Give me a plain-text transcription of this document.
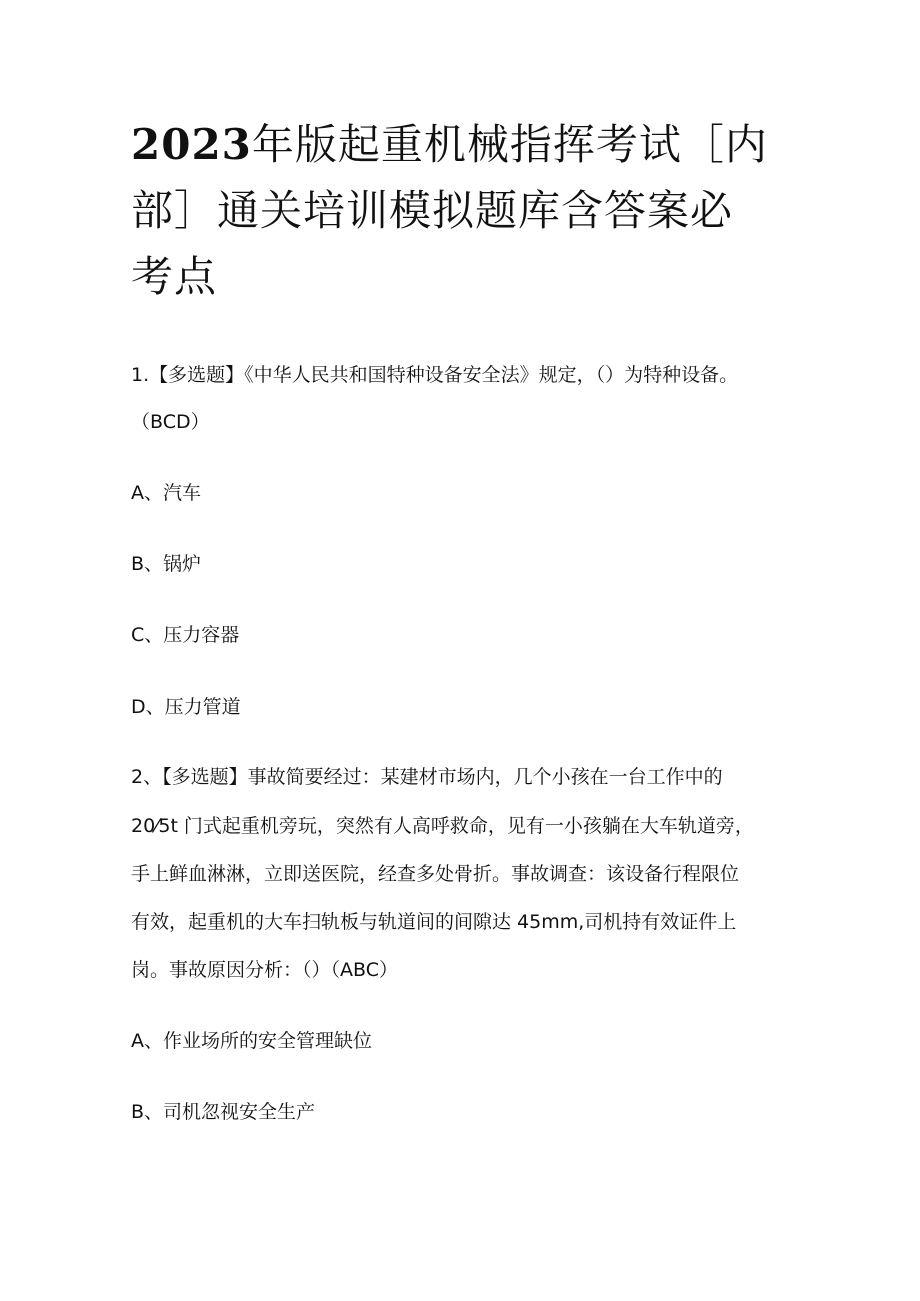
2023年版起重机械指挥考试［内部］通关培训模拟题库含答案必考点

1.【多选题】《中华人民共和国特种设备安全法》规定，（）为特种设备。

（BCD）

A、汽车

B、锅炉

C、压力容器

D、压力管道

2、【多选题】事故简要经过：某建材市场内，几个小孩在一台工作中的

20⁄5t 门式起重机旁玩，突然有人高呼救命，见有一小孩躺在大车轨道旁，

手上鲜血淋淋，立即送医院，经查多处骨折。事故调查：该设备行程限位

有效，起重机的大车扫轨板与轨道间的间隙达 45mm,司机持有效证件上

岗。事故原因分析：（）（ABC）

A、作业场所的安全管理缺位

B、司机忽视安全生产
